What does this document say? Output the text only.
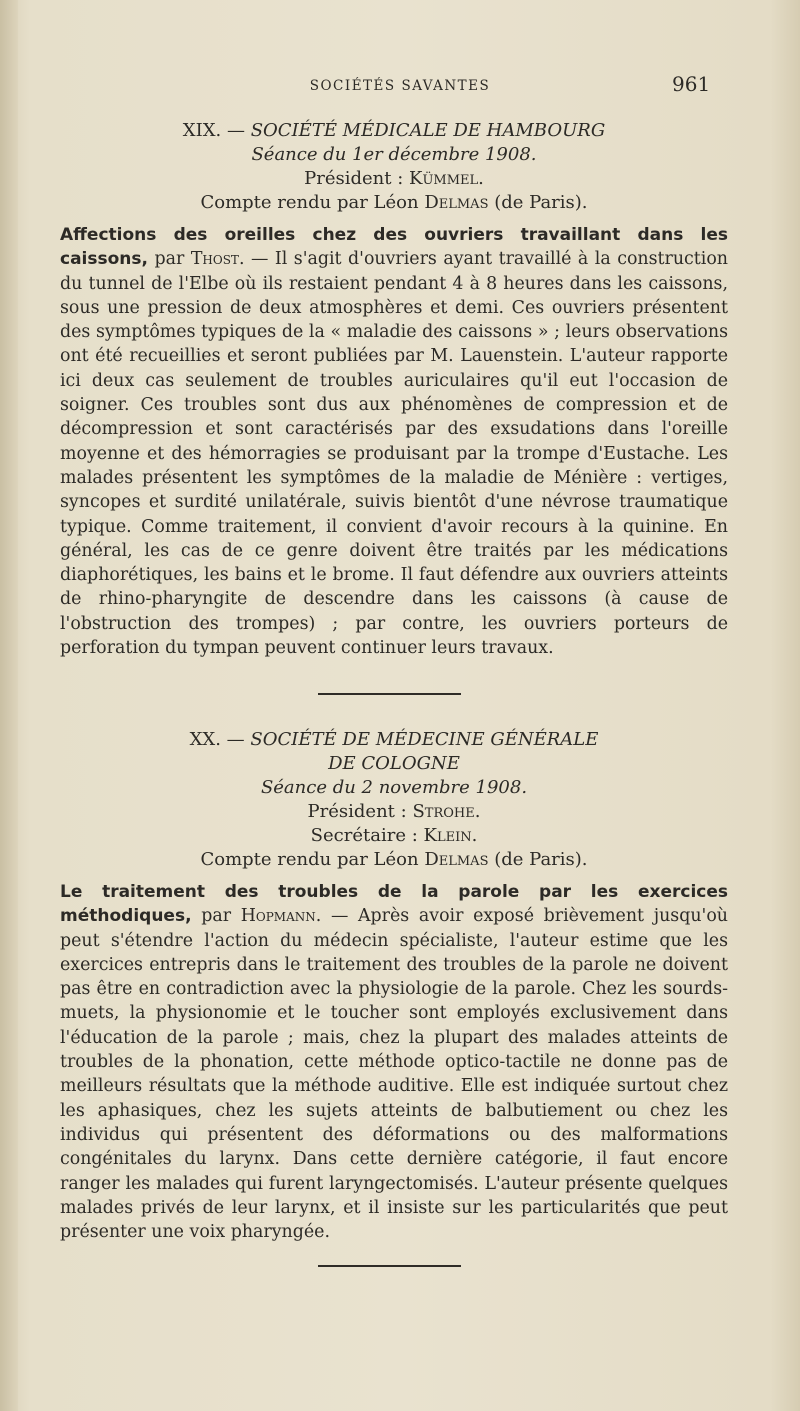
SOCIÉTÉS SAVANTES	961
XIX. — SOCIÉTÉ MÉDICALE DE HAMBOURG
Séance du 1er décembre 1908.
Président : Kümmel.
Compte rendu par Léon Delmas (de Paris).
Affections des oreilles chez des ouvriers travaillant dans les caissons, par Thost. — Il s'agit d'ouvriers ayant travaillé à la construction du tunnel de l'Elbe où ils restaient pendant 4 à 8 heures dans les caissons, sous une pression de deux atmosphères et demi. Ces ouvriers présentent des symptômes typiques de la « maladie des caissons » ; leurs observations ont été recueillies et seront publiées par M. Lauenstein. L'auteur rapporte ici deux cas seulement de troubles auriculaires qu'il eut l'occasion de soigner. Ces troubles sont dus aux phénomènes de compression et de décompression et sont caractérisés par des exsudations dans l'oreille moyenne et des hémorragies se produisant par la trompe d'Eustache. Les malades présentent les symptômes de la maladie de Ménière : vertiges, syncopes et surdité unilatérale, suivis bientôt d'une névrose traumatique typique. Comme traitement, il convient d'avoir recours à la quinine. En général, les cas de ce genre doivent être traités par les médications diaphorétiques, les bains et le brome. Il faut défendre aux ouvriers atteints de rhino-pharyngite de descendre dans les caissons (à cause de l'obstruction des trompes) ; par contre, les ouvriers porteurs de perforation du tympan peuvent continuer leurs travaux.
XX. — SOCIÉTÉ DE MÉDECINE GÉNÉRALE
DE COLOGNE
Séance du 2 novembre 1908.
Président : Strohe.
Secrétaire : Klein.
Compte rendu par Léon Delmas (de Paris).
Le traitement des troubles de la parole par les exercices méthodiques, par Hopmann. — Après avoir exposé brièvement jusqu'où peut s'étendre l'action du médecin spécialiste, l'auteur estime que les exercices entrepris dans le traitement des troubles de la parole ne doivent pas être en contradiction avec la physiologie de la parole. Chez les sourds-muets, la physionomie et le toucher sont employés exclusivement dans l'éducation de la parole ; mais, chez la plupart des malades atteints de troubles de la phonation, cette méthode optico-tactile ne donne pas de meilleurs résultats que la méthode auditive. Elle est indiquée surtout chez les aphasiques, chez les sujets atteints de balbutiement ou chez les individus qui présentent des déformations ou des malformations congénitales du larynx. Dans cette dernière catégorie, il faut encore ranger les malades qui furent laryngectomisés. L'auteur présente quelques malades privés de leur larynx, et il insiste sur les particularités que peut présenter une voix pharyngée.
